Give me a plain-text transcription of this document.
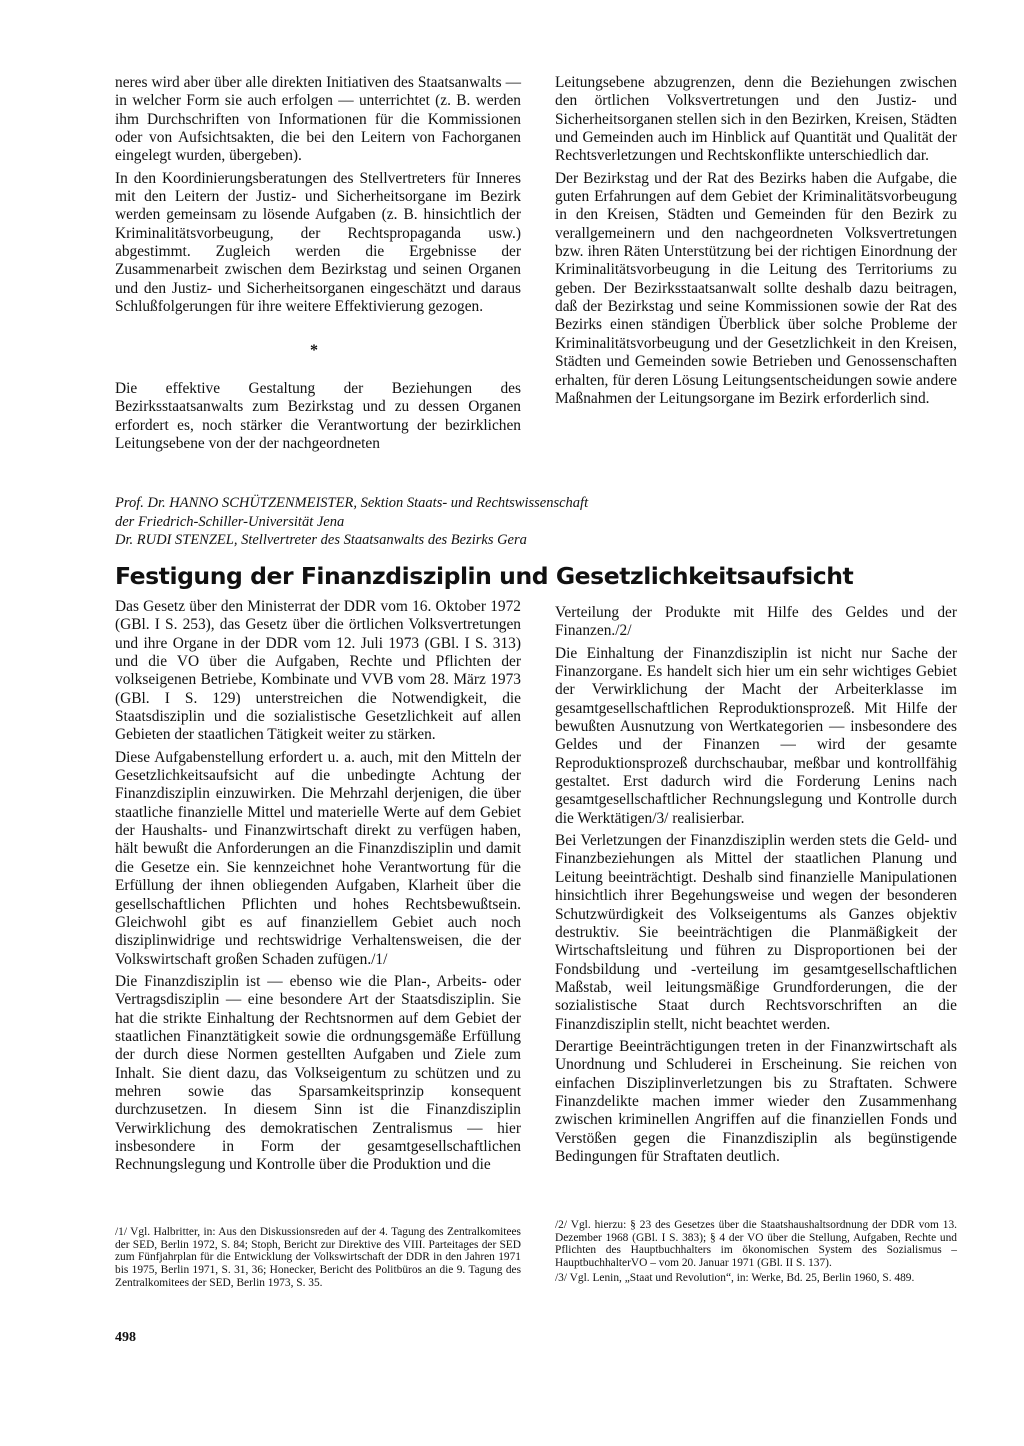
neres wird aber über alle direkten Initiativen des Staatsanwalts — in welcher Form sie auch erfolgen — unterrichtet (z. B. werden ihm Durchschriften von Informationen für die Kommissionen oder von Aufsichtsakten, die bei den Leitern von Fachorganen eingelegt wurden, übergeben).

In den Koordinierungsberatungen des Stellvertreters für Inneres mit den Leitern der Justiz- und Sicherheitsorgane im Bezirk werden gemeinsam zu lösende Aufgaben (z. B. hinsichtlich der Kriminalitätsvorbeugung, der Rechtspropaganda usw.) abgestimmt. Zugleich werden die Ergebnisse der Zusammenarbeit zwischen dem Bezirkstag und seinen Organen und den Justiz- und Sicherheitsorganen eingeschätzt und daraus Schlußfolgerungen für ihre weitere Effektivierung gezogen.

*

Die effektive Gestaltung der Beziehungen des Bezirksstaatsanwalts zum Bezirkstag und zu dessen Organen erfordert es, noch stärker die Verantwortung der bezirklichen Leitungsebene von der der nachgeordneten

Leitungsebene abzugrenzen, denn die Beziehungen zwischen den örtlichen Volksvertretungen und den Justiz- und Sicherheitsorganen stellen sich in den Bezirken, Kreisen, Städten und Gemeinden auch im Hinblick auf Quantität und Qualität der Rechtsverletzungen und Rechtskonflikte unterschiedlich dar.

Der Bezirkstag und der Rat des Bezirks haben die Aufgabe, die guten Erfahrungen auf dem Gebiet der Kriminalitätsvorbeugung in den Kreisen, Städten und Gemeinden für den Bezirk zu verallgemeinern und den nachgeordneten Volksvertretungen bzw. ihren Räten Unterstützung bei der richtigen Einordnung der Kriminalitätsvorbeugung in die Leitung des Territoriums zu geben. Der Bezirksstaatsanwalt sollte deshalb dazu beitragen, daß der Bezirkstag und seine Kommissionen sowie der Rat des Bezirks einen ständigen Überblick über solche Probleme der Kriminalitätsvorbeugung und der Gesetzlichkeit in den Kreisen, Städten und Gemeinden sowie Betrieben und Genossenschaften erhalten, für deren Lösung Leitungsentscheidungen sowie andere Maßnahmen der Leitungsorgane im Bezirk erforderlich sind.

Prof. Dr. HANNO SCHÜTZENMEISTER, Sektion Staats- und Rechtswissenschaft
der Friedrich-Schiller-Universität Jena
Dr. RUDI STENZEL, Stellvertreter des Staatsanwalts des Bezirks Gera
Festigung der Finanzdisziplin und Gesetzlichkeitsaufsicht

Das Gesetz über den Ministerrat der DDR vom 16. Oktober 1972 (GBl. I S. 253), das Gesetz über die örtlichen Volksvertretungen und ihre Organe in der DDR vom 12. Juli 1973 (GBl. I S. 313) und die VO über die Aufgaben, Rechte und Pflichten der volkseigenen Betriebe, Kombinate und VVB vom 28. März 1973 (GBl. I S. 129) unterstreichen die Notwendigkeit, die Staatsdisziplin und die sozialistische Gesetzlichkeit auf allen Gebieten der staatlichen Tätigkeit weiter zu stärken.

Diese Aufgabenstellung erfordert u. a. auch, mit den Mitteln der Gesetzlichkeitsaufsicht auf die unbedingte Achtung der Finanzdisziplin einzuwirken. Die Mehrzahl derjenigen, die über staatliche finanzielle Mittel und materielle Werte auf dem Gebiet der Haushalts- und Finanzwirtschaft direkt zu verfügen haben, hält bewußt die Anforderungen an die Finanzdisziplin und damit die Gesetze ein. Sie kennzeichnet hohe Verantwortung für die Erfüllung der ihnen obliegenden Aufgaben, Klarheit über die gesellschaftlichen Pflichten und hohes Rechtsbewußtsein. Gleichwohl gibt es auf finanziellem Gebiet auch noch disziplinwidrige und rechtswidrige Verhaltensweisen, die der Volkswirtschaft großen Schaden zufügen./1/

Die Finanzdisziplin ist — ebenso wie die Plan-, Arbeits- oder Vertragsdisziplin — eine besondere Art der Staatsdisziplin. Sie hat die strikte Einhaltung der Rechtsnormen auf dem Gebiet der staatlichen Finanztätigkeit sowie die ordnungsgemäße Erfüllung der durch diese Normen gestellten Aufgaben und Ziele zum Inhalt. Sie dient dazu, das Volkseigentum zu schützen und zu mehren sowie das Sparsamkeitsprinzip konsequent durchzusetzen. In diesem Sinn ist die Finanzdisziplin Verwirklichung des demokratischen Zentralismus — hier insbesondere in Form der gesamtgesellschaftlichen Rechnungslegung und Kontrolle über die Produktion und die

Verteilung der Produkte mit Hilfe des Geldes und der Finanzen./2/

Die Einhaltung der Finanzdisziplin ist nicht nur Sache der Finanzorgane. Es handelt sich hier um ein sehr wichtiges Gebiet der Verwirklichung der Macht der Arbeiterklasse im gesamtgesellschaftlichen Reproduktionsprozeß. Mit Hilfe der bewußten Ausnutzung von Wertkategorien — insbesondere des Geldes und der Finanzen — wird der gesamte Reproduktionsprozeß durchschaubar, meßbar und kontrollfähig gestaltet. Erst dadurch wird die Forderung Lenins nach gesamtgesellschaftlicher Rechnungslegung und Kontrolle durch die Werktätigen/3/ realisierbar.

Bei Verletzungen der Finanzdisziplin werden stets die Geld- und Finanzbeziehungen als Mittel der staatlichen Planung und Leitung beeinträchtigt. Deshalb sind finanzielle Manipulationen hinsichtlich ihrer Begehungsweise und wegen der besonderen Schutzwürdigkeit des Volkseigentums als Ganzes objektiv destruktiv. Sie beeinträchtigen die Planmäßigkeit der Wirtschaftsleitung und führen zu Disproportionen bei der Fondsbildung und -verteilung im gesamtgesellschaftlichen Maßstab, weil leitungsmäßige Grundforderungen, die der sozialistische Staat durch Rechtsvorschriften an die Finanzdisziplin stellt, nicht beachtet werden.

Derartige Beeinträchtigungen treten in der Finanzwirtschaft als Unordnung und Schluderei in Erscheinung. Sie reichen von einfachen Disziplinverletzungen bis zu Straftaten. Schwere Finanzdelikte machen immer wieder den Zusammenhang zwischen kriminellen Angriffen auf die finanziellen Fonds und Verstößen gegen die Finanzdisziplin als begünstigende Bedingungen für Straftaten deutlich.

/1/ Vgl. Halbritter, in: Aus den Diskussionsreden auf der 4. Tagung des Zentralkomitees der SED, Berlin 1972, S. 84; Stoph, Bericht zur Direktive des VIII. Parteitages der SED zum Fünfjahrplan für die Entwicklung der Volkswirtschaft der DDR in den Jahren 1971 bis 1975, Berlin 1971, S. 31, 36; Honecker, Bericht des Politbüros an die 9. Tagung des Zentralkomitees der SED, Berlin 1973, S. 35.

/2/ Vgl. hierzu: § 23 des Gesetzes über die Staatshaushaltsordnung der DDR vom 13. Dezember 1968 (GBl. I S. 383); § 4 der VO über die Stellung, Aufgaben, Rechte und Pflichten des Hauptbuchhalters im ökonomischen System des Sozialismus – HauptbuchhalterVO – vom 20. Januar 1971 (GBl. II S. 137).

/3/ Vgl. Lenin, „Staat und Revolution“, in: Werke, Bd. 25, Berlin 1960, S. 489.

498
